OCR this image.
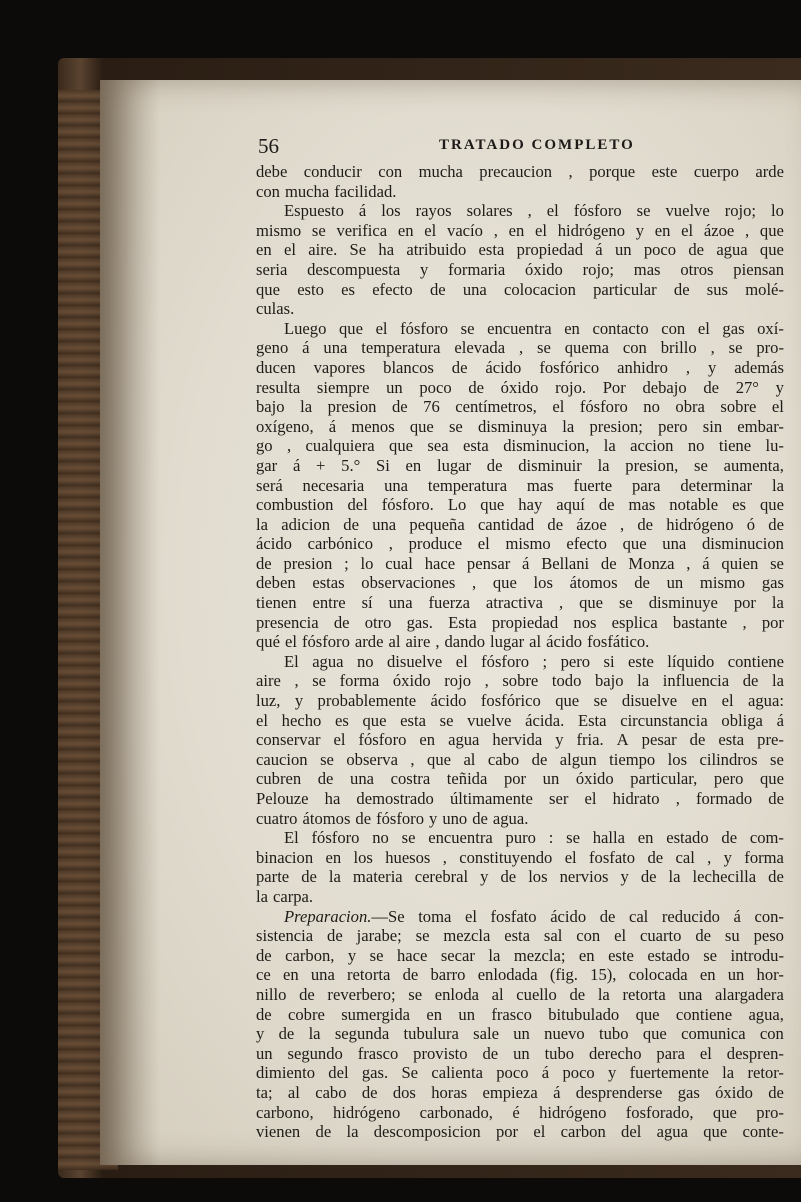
56	TRATADO COMPLETO
debe conducir con mucha precaucion , porque este cuerpo arde
con mucha facilidad.
Espuesto á los rayos solares , el fósforo se vuelve rojo; lo
mismo se verifica en el vacío , en el hidrógeno y en el ázoe , que
en el aire. Se ha atribuido esta propiedad á un poco de agua que
seria descompuesta y formaria óxido rojo; mas otros piensan
que esto es efecto de una colocacion particular de sus molé-
culas.
Luego que el fósforo se encuentra en contacto con el gas oxí-
geno á una temperatura elevada , se quema con brillo , se pro-
ducen vapores blancos de ácido fosfórico anhidro , y además
resulta siempre un poco de óxido rojo. Por debajo de 27° y
bajo la presion de 76 centímetros, el fósforo no obra sobre el
oxígeno, á menos que se disminuya la presion; pero sin embar-
go , cualquiera que sea esta disminucion, la accion no tiene lu-
gar á + 5.° Si en lugar de disminuir la presion, se aumenta,
será necesaria una temperatura mas fuerte para determinar la
combustion del fósforo. Lo que hay aquí de mas notable es que
la adicion de una pequeña cantidad de ázoe , de hidrógeno ó de
ácido carbónico , produce el mismo efecto que una disminucion
de presion ; lo cual hace pensar á Bellani de Monza , á quien se
deben estas observaciones , que los átomos de un mismo gas
tienen entre sí una fuerza atractiva , que se disminuye por la
presencia de otro gas. Esta propiedad nos esplica bastante , por
qué el fósforo arde al aire , dando lugar al ácido fosfático.
El agua no disuelve el fósforo ; pero si este líquido contiene
aire , se forma óxido rojo , sobre todo bajo la influencia de la
luz, y probablemente ácido fosfórico que se disuelve en el agua:
el hecho es que esta se vuelve ácida. Esta circunstancia obliga á
conservar el fósforo en agua hervida y fria. A pesar de esta pre-
caucion se observa , que al cabo de algun tiempo los cilindros se
cubren de una costra teñida por un óxido particular, pero que
Pelouze ha demostrado últimamente ser el hidrato , formado de
cuatro átomos de fósforo y uno de agua.
El fósforo no se encuentra puro : se halla en estado de com-
binacion en los huesos , constituyendo el fosfato de cal , y forma
parte de la materia cerebral y de los nervios y de la lechecilla de
la carpa.
Preparacion.—Se toma el fosfato ácido de cal reducido á con-
sistencia de jarabe; se mezcla esta sal con el cuarto de su peso
de carbon, y se hace secar la mezcla; en este estado se introdu-
ce en una retorta de barro enlodada (fig. 15), colocada en un hor-
nillo de reverbero; se enloda al cuello de la retorta una alargadera
de cobre sumergida en un frasco bitubulado que contiene agua,
y de la segunda tubulura sale un nuevo tubo que comunica con
un segundo frasco provisto de un tubo derecho para el despren-
dimiento del gas. Se calienta poco á poco y fuertemente la retor-
ta; al cabo de dos horas empieza á desprenderse gas óxido de
carbono, hidrógeno carbonado, é hidrógeno fosforado, que pro-
vienen de la descomposicion por el carbon del agua que conte-
